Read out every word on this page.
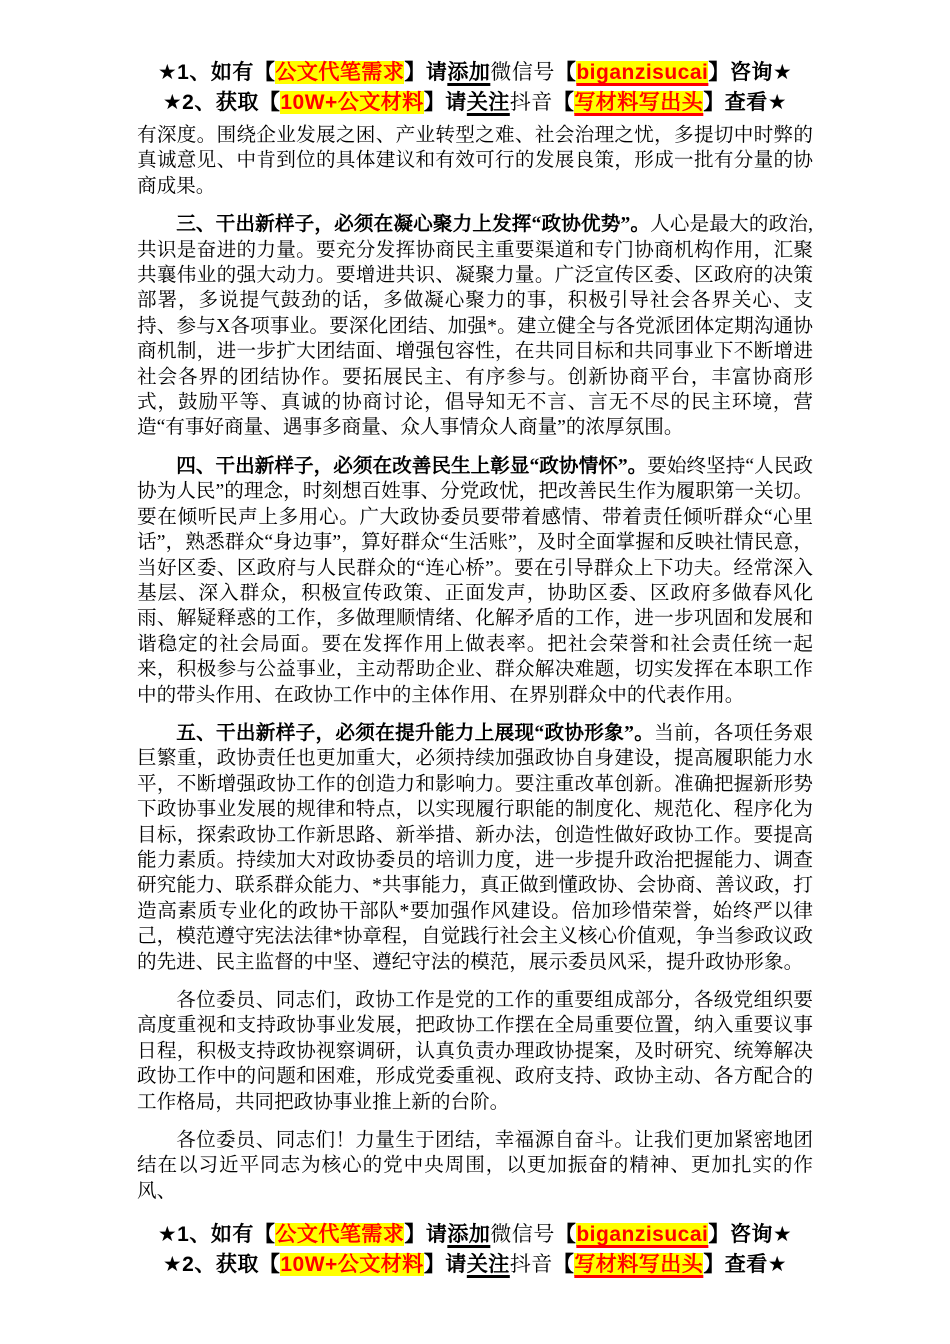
★1、如有【公文代笔需求】请添加微信号【biganzisucai】咨询★
★2、获取【10W+公文材料】请关注抖音【写材料写出头】查看★

有深度。围绕企业发展之困、产业转型之难、社会治理之忧，多提切中时弊的真诚意见、中肯到位的具体建议和有效可行的发展良策，形成一批有分量的协商成果。

三、干出新样子，必须在凝心聚力上发挥“政协优势”。人心是最大的政治,共识是奋进的力量。要充分发挥协商民主重要渠道和专门协商机构作用，汇聚共襄伟业的强大动力。要增进共识、凝聚力量。广泛宣传区委、区政府的决策部署，多说提气鼓劲的话，多做凝心聚力的事，积极引导社会各界关心、支持、参与X各项事业。要深化团结、加强*。建立健全与各党派团体定期沟通协商机制，进一步扩大团结面、增强包容性，在共同目标和共同事业下不断增进社会各界的团结协作。要拓展民主、有序参与。创新协商平台，丰富协商形式，鼓励平等、真诚的协商讨论，倡导知无不言、言无不尽的民主环境，营造“有事好商量、遇事多商量、众人事情众人商量”的浓厚氛围。

四、干出新样子，必须在改善民生上彰显“政协情怀”。要始终坚持“人民政协为人民”的理念，时刻想百姓事、分党政忧，把改善民生作为履职第一关切。要在倾听民声上多用心。广大政协委员要带着感情、带着责任倾听群众“心里话”，熟悉群众“身边事”，算好群众“生活账”，及时全面掌握和反映社情民意，当好区委、区政府与人民群众的“连心桥”。要在引导群众上下功夫。经常深入基层、深入群众，积极宣传政策、正面发声，协助区委、区政府多做春风化雨、解疑释惑的工作，多做理顺情绪、化解矛盾的工作，进一步巩固和发展和谐稳定的社会局面。要在发挥作用上做表率。把社会荣誉和社会责任统一起来，积极参与公益事业，主动帮助企业、群众解决难题，切实发挥在本职工作中的带头作用、在政协工作中的主体作用、在界别群众中的代表作用。

五、干出新样子，必须在提升能力上展现“政协形象”。当前，各项任务艰巨繁重，政协责任也更加重大，必须持续加强政协自身建设，提高履职能力水平，不断增强政协工作的创造力和影响力。要注重改革创新。准确把握新形势下政协事业发展的规律和特点，以实现履行职能的制度化、规范化、程序化为目标，探索政协工作新思路、新举措、新办法，创造性做好政协工作。要提高能力素质。持续加大对政协委员的培训力度，进一步提升政治把握能力、调查研究能力、联系群众能力、*共事能力，真正做到懂政协、会协商、善议政，打造高素质专业化的政协干部队*要加强作风建设。倍加珍惜荣誉，始终严以律己，模范遵守宪法法律*协章程，自觉践行社会主义核心价值观，争当参政议政的先进、民主监督的中坚、遵纪守法的模范，展示委员风采，提升政协形象。

各位委员、同志们，政协工作是党的工作的重要组成部分，各级党组织要高度重视和支持政协事业发展，把政协工作摆在全局重要位置，纳入重要议事日程，积极支持政协视察调研，认真负责办理政协提案，及时研究、统筹解决政协工作中的问题和困难，形成党委重视、政府支持、政协主动、各方配合的工作格局，共同把政协事业推上新的台阶。

各位委员、同志们！力量生于团结，幸福源自奋斗。让我们更加紧密地团结在以习近平同志为核心的党中央周围，以更加振奋的精神、更加扎实的作风、

★1、如有【公文代笔需求】请添加微信号【biganzisucai】咨询★
★2、获取【10W+公文材料】请关注抖音【写材料写出头】查看★
